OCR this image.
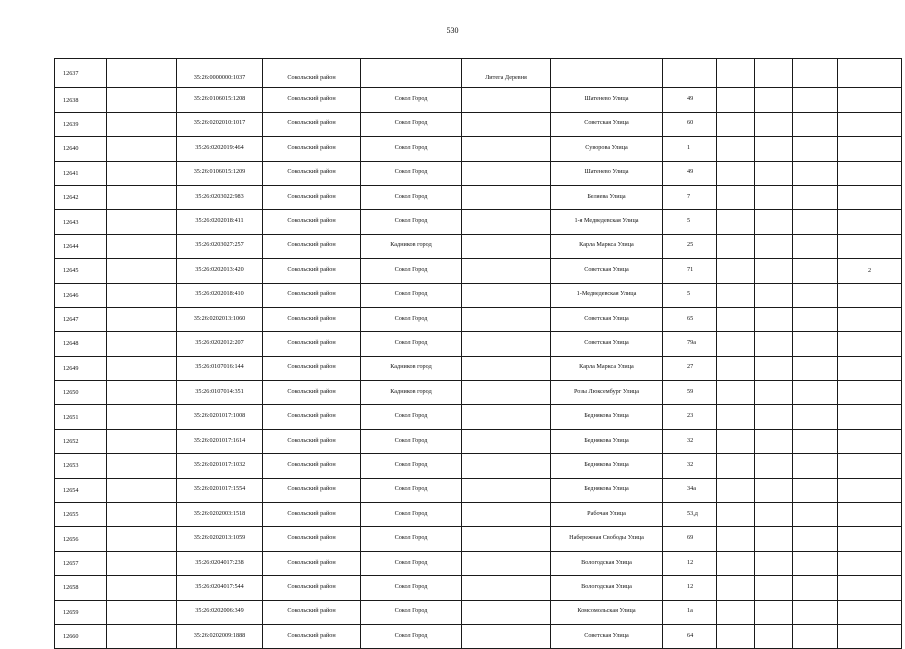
530
12637		35:26:0000000:1037	Сокольский район		Литега Деревня						
12638		35:26:0106015:1208	Сокольский район	Сокол Город		Шатенево Улица	49				
12639		35:26:0202010:1017	Сокольский район	Сокол Город		Советская Улица	60				
12640		35:26:0202019:464	Сокольский район	Сокол Город		Суворова Улица	1				
12641		35:26:0106015:1209	Сокольский район	Сокол Город		Шатенево Улица	49				
12642		35:26:0203022:983	Сокольский район	Сокол Город		Беляева Улица	7				
12643		35:26:0202018:411	Сокольский район	Сокол Город		1-я Медведевская Улица	5				
12644		35:26:0203027:257	Сокольский район	Кадников город		Карла Маркса Улица	25				
12645		35:26:0202013:420	Сокольский район	Сокол Город		Советская Улица	71				2
12646		35:26:0202018:410	Сокольский район	Сокол Город		1-Медведевская Улица	5				
12647		35:26:0202013:1060	Сокольский район	Сокол Город		Советская Улица	65				
12648		35:26:0202012:207	Сокольский район	Сокол Город		Советская Улица	79а				
12649		35:26:0107016:144	Сокольский район	Кадников город		Карла Маркса Улица	27				
12650		35:26:0107014:351	Сокольский район	Кадников город		Розы Люксембург Улица	59				
12651		35:26:0201017:1008	Сокольский район	Сокол Город		Беднякова Улица	23				
12652		35:26:0201017:1614	Сокольский район	Сокол Город		Беднякова Улица	32				
12653		35:26:0201017:1032	Сокольский район	Сокол Город		Беднякова Улица	32				
12654		35:26:0201017:1554	Сокольский район	Сокол Город		Беднякова Улица	34а				
12655		35:26:0202003:1518	Сокольский район	Сокол Город		Рабочая Улица	53,д				
12656		35:26:0202013:1059	Сокольский район	Сокол Город		Набережная Свободы Улица	69				
12657		35:26:0204017:238	Сокольский район	Сокол Город		Вологодская Улица	12				
12658		35:26:0204017:544	Сокольский район	Сокол Город		Вологодская Улица	12				
12659		35:26:0202006:349	Сокольский район	Сокол Город		Комсомольская Улица	1а				
12660		35:26:0202009:1888	Сокольский район	Сокол Город		Советская Улица	64				
